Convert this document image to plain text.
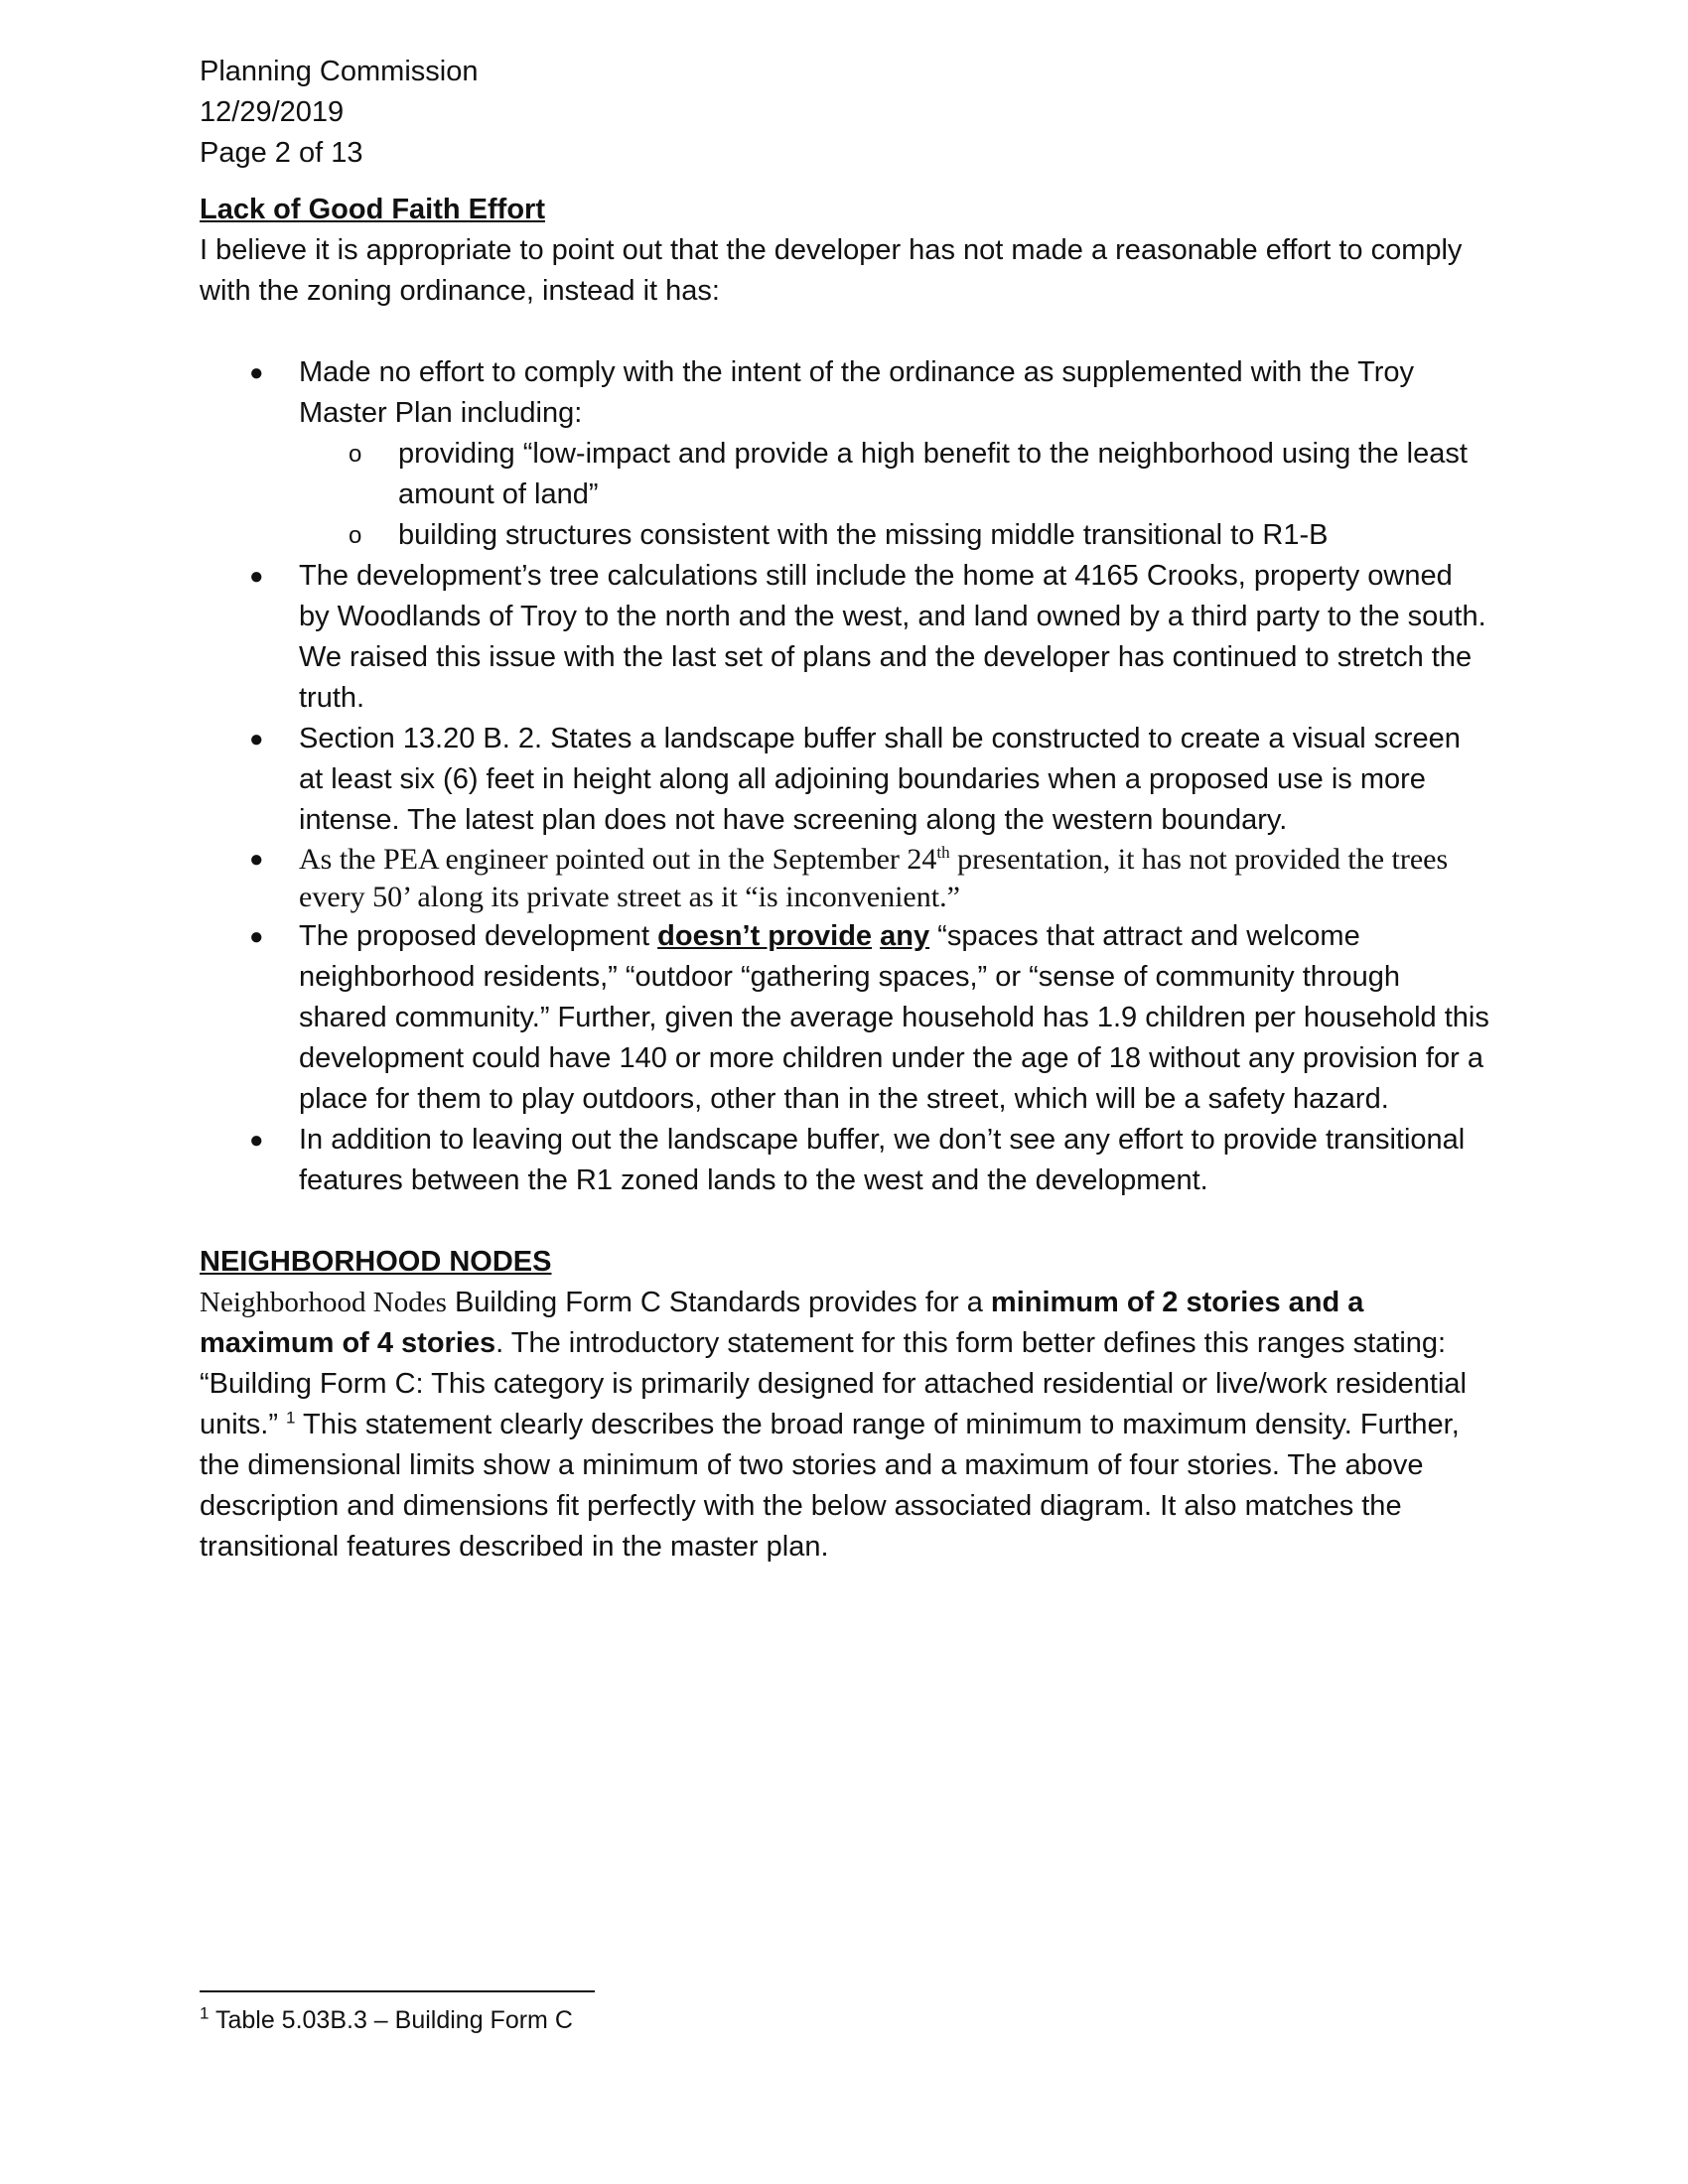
Planning Commission
12/29/2019
Page 2 of 13
Lack of Good Faith Effort

I believe it is appropriate to point out that the developer has not made a reasonable effort to comply with the zoning ordinance, instead it has:

● Made no effort to comply with the intent of the ordinance as supplemented with the Troy Master Plan including:
o providing “low-impact and provide a high benefit to the neighborhood using the least amount of land”
o building structures consistent with the missing middle transitional to R1-B
● The development’s tree calculations still include the home at 4165 Crooks, property owned by Woodlands of Troy to the north and the west, and land owned by a third party to the south. We raised this issue with the last set of plans and the developer has continued to stretch the truth.
● Section 13.20 B. 2. States a landscape buffer shall be constructed to create a visual screen at least six (6) feet in height along all adjoining boundaries when a proposed use is more intense. The latest plan does not have screening along the western boundary.
● As the PEA engineer pointed out in the September 24th presentation, it has not provided the trees every 50’ along its private street as it “is inconvenient.”
● The proposed development doesn’t provide any “spaces that attract and welcome neighborhood residents,” “outdoor “gathering spaces,” or “sense of community through shared community.” Further, given the average household has 1.9 children per household this development could have 140 or more children under the age of 18 without any provision for a place for them to play outdoors, other than in the street, which will be a safety hazard.
● In addition to leaving out the landscape buffer, we don’t see any effort to provide transitional features between the R1 zoned lands to the west and the development.
NEIGHBORHOOD NODES

Neighborhood Nodes Building Form C Standards provides for a minimum of 2 stories and a maximum of 4 stories. The introductory statement for this form better defines this ranges stating: “Building Form C: This category is primarily designed for attached residential or live/work residential units.” $^1$ This statement clearly describes the broad range of minimum to maximum density. Further, the dimensional limits show a minimum of two stories and a maximum of four stories. The above description and dimensions fit perfectly with the below associated diagram. It also matches the transitional features described in the master plan.

$^1$ Table 5.03B.3 – Building Form C
